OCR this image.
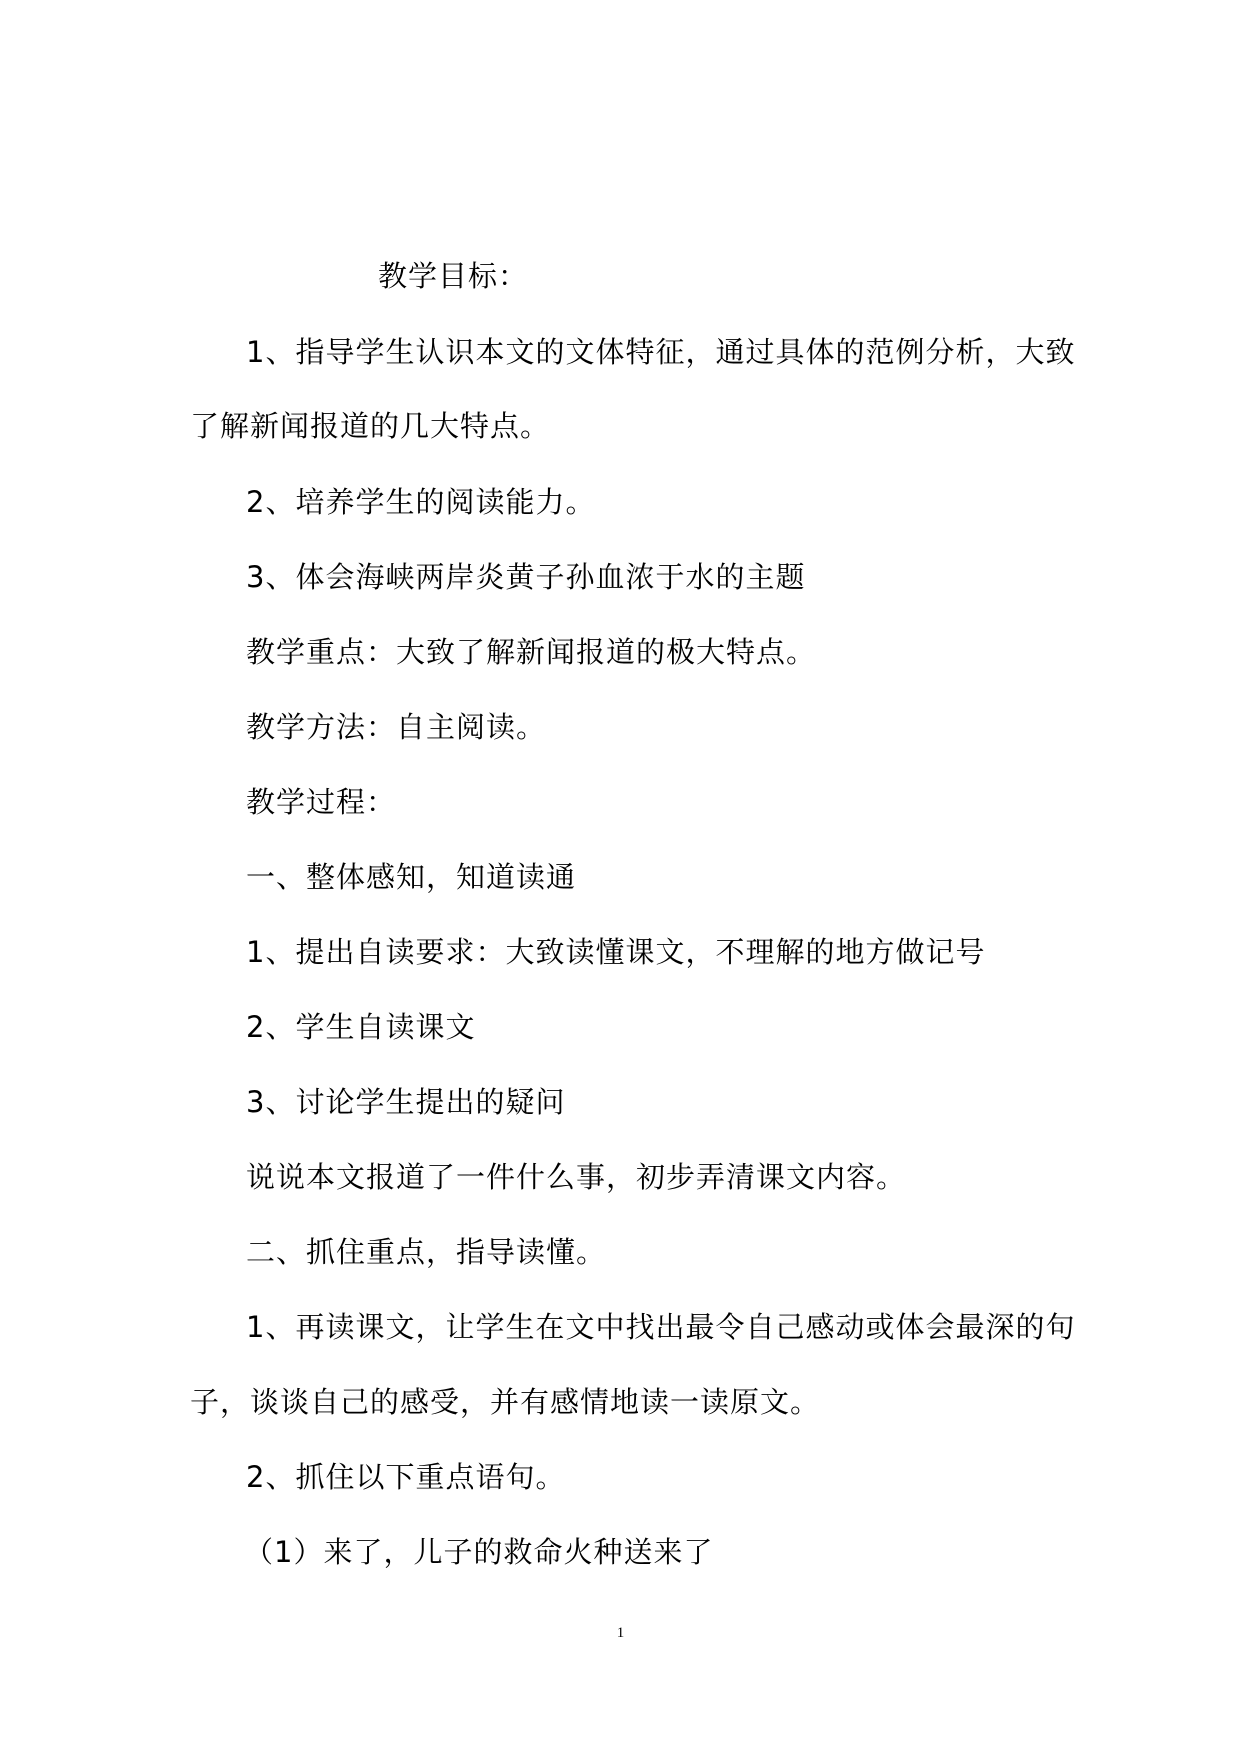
教学目标：
1、指导学生认识本文的文体特征，通过具体的范例分析，大致
了解新闻报道的几大特点。
2、培养学生的阅读能力。
3、体会海峡两岸炎黄子孙血浓于水的主题
教学重点：大致了解新闻报道的极大特点。
教学方法：自主阅读。
教学过程：
一、整体感知，知道读通
1、提出自读要求：大致读懂课文，不理解的地方做记号
2、学生自读课文
3、讨论学生提出的疑问
说说本文报道了一件什么事，初步弄清课文内容。
二、抓住重点，指导读懂。
1、再读课文，让学生在文中找出最令自己感动或体会最深的句
子，谈谈自己的感受，并有感情地读一读原文。
2、抓住以下重点语句。
（1）来了，儿子的救命火种送来了
1
